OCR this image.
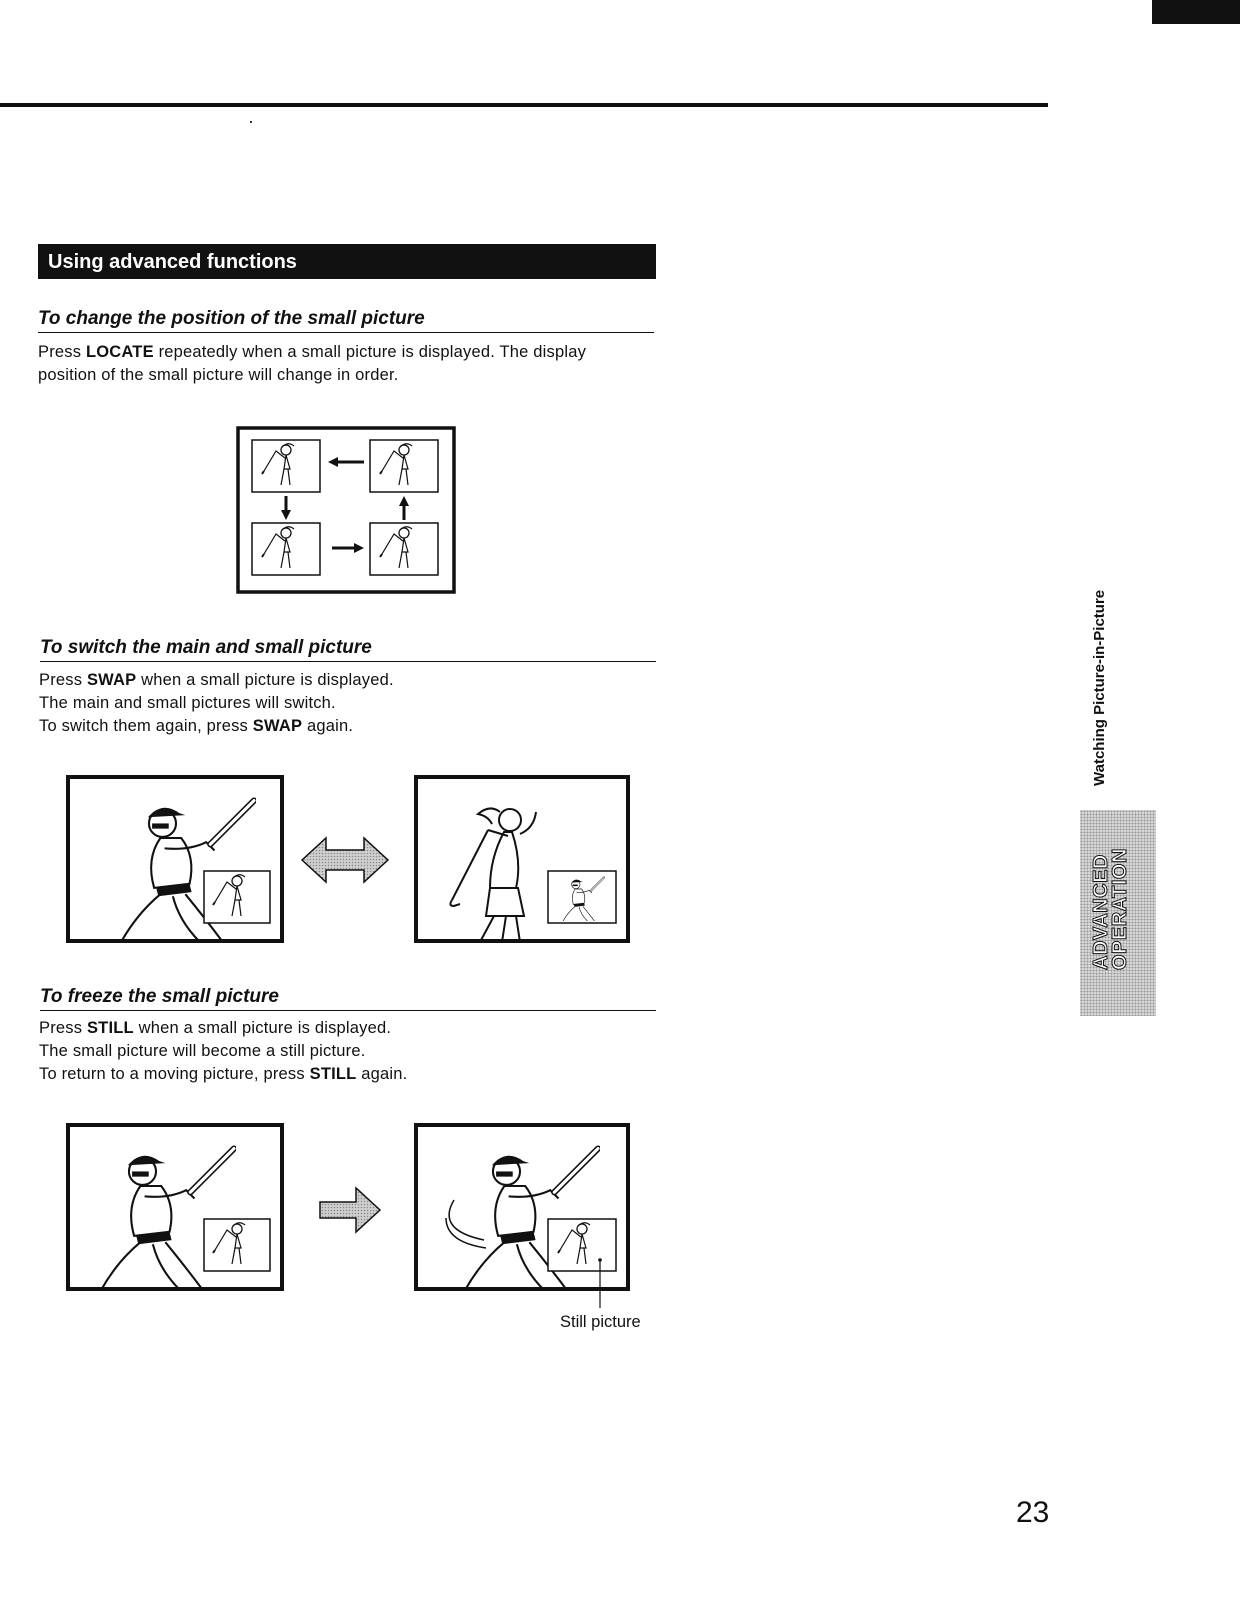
Using advanced functions
To change the position of the small picture

Press LOCATE repeatedly when a small picture is displayed. The display

position of the small picture will change in order.

To switch the main and small picture

Press SWAP when a small picture is displayed.

The main and small pictures will switch.

To switch them again, press SWAP again.

To freeze the small picture

Press STILL when a small picture is displayed.

The small picture will become a still picture.

To return to a moving picture, press STILL again.

Still picture
Watching Picture-in-Picture
ADVANCED
OPERATION
23
